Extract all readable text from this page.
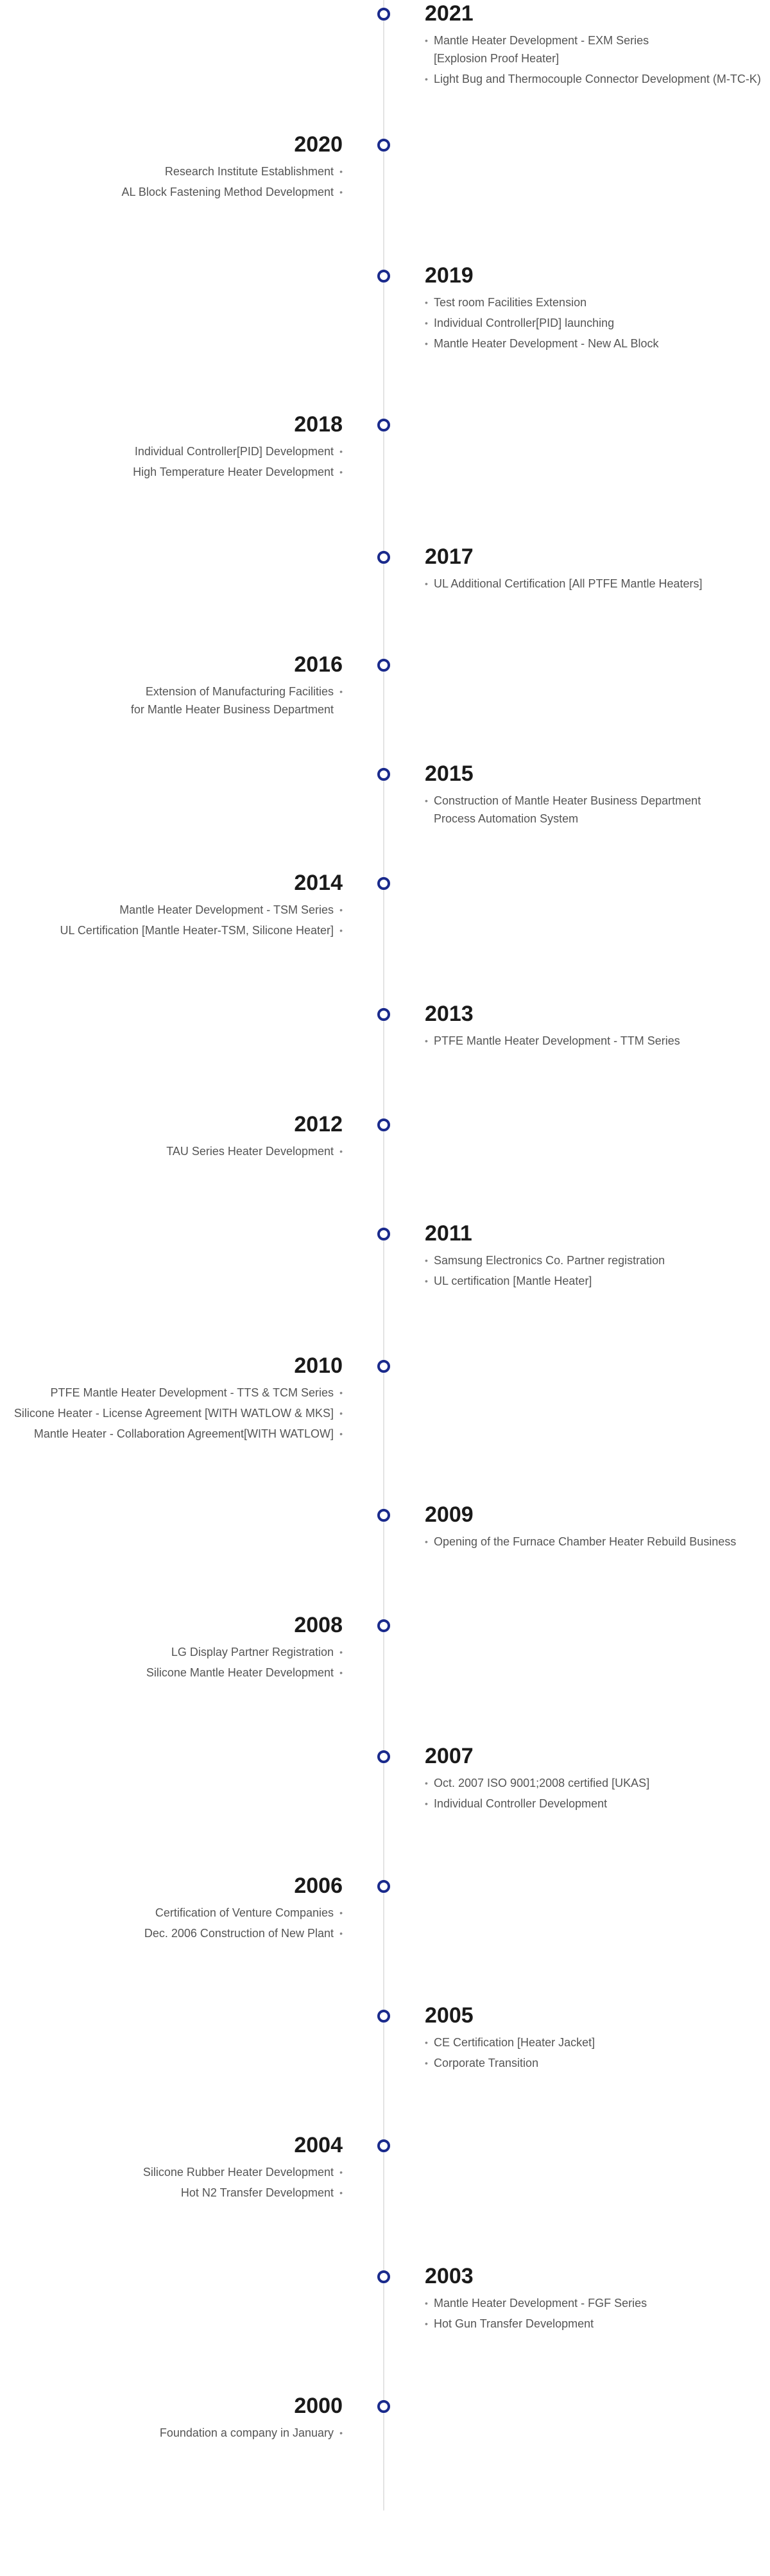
2021
• Mantle Heater Development - EXM Series
[Explosion Proof Heater]
• Light Bug and Thermocouple Connector Development (M-TC-K)
2020
Research Institute Establishment •
AL Block Fastening Method Development •
2019
• Test room Facilities Extension
• Individual Controller[PID] launching
• Mantle Heater Development - New AL Block
2018
Individual Controller[PID] Development •
High Temperature Heater Development •
2017
• UL Additional Certification [All PTFE Mantle Heaters]
2016
Extension of Manufacturing Facilities
for Mantle Heater Business Department •
2015
• Construction of Mantle Heater Business Department
Process Automation System
2014
Mantle Heater Development - TSM Series •
UL Certification [Mantle Heater-TSM, Silicone Heater] •
2013
• PTFE Mantle Heater Development - TTM Series
2012
TAU Series Heater Development •
2011
• Samsung Electronics Co. Partner registration
• UL certification [Mantle Heater]
2010
PTFE Mantle Heater Development - TTS & TCM Series •
Silicone Heater - License Agreement [WITH WATLOW & MKS] •
Mantle Heater - Collaboration Agreement[WITH WATLOW] •
2009
• Opening of the Furnace Chamber Heater Rebuild Business
2008
LG Display Partner Registration •
Silicone Mantle Heater Development •
2007
• Oct. 2007 ISO 9001;2008 certified [UKAS]
• Individual Controller Development
2006
Certification of Venture Companies •
Dec. 2006 Construction of New Plant •
2005
• CE Certification [Heater Jacket]
• Corporate Transition
2004
Silicone Rubber Heater Development •
Hot N2 Transfer Development •
2003
• Mantle Heater Development - FGF Series
• Hot Gun Transfer Development
2000
Foundation a company in January •
